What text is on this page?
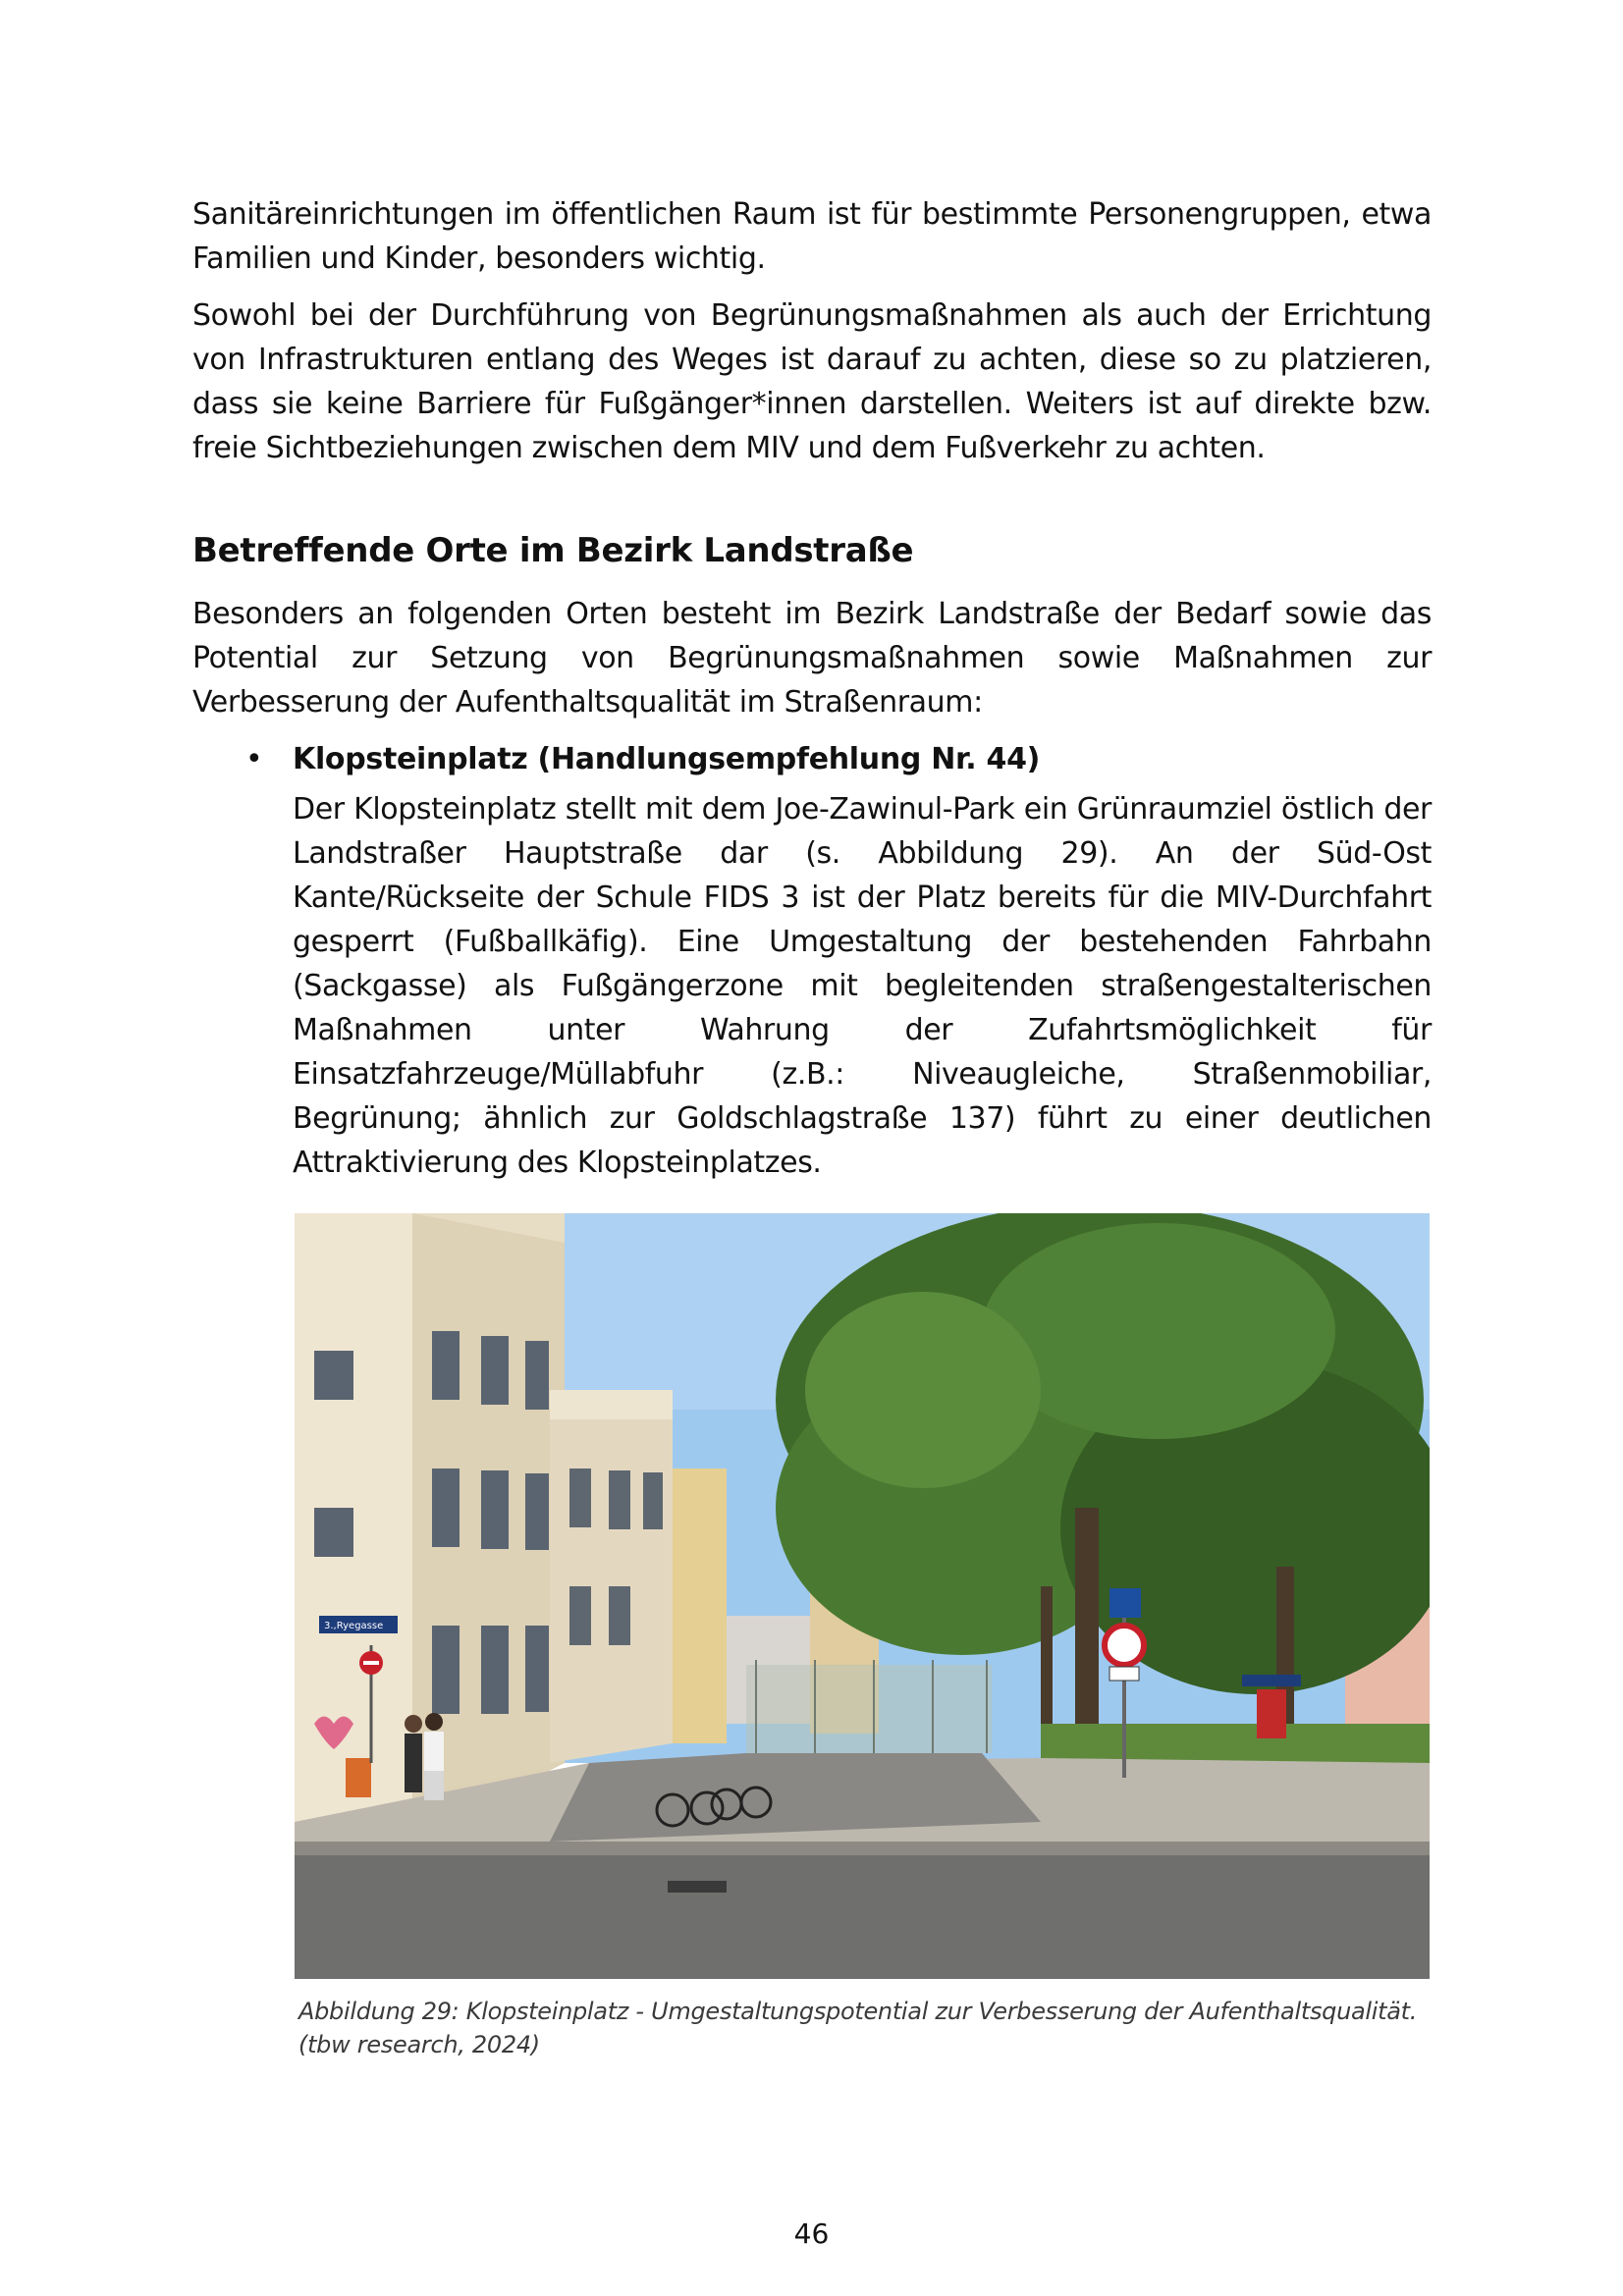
Sanitäreinrichtungen im öffentlichen Raum ist für bestimmte Personengruppen, etwa Familien und Kinder, besonders wichtig.

Sowohl bei der Durchführung von Begrünungsmaßnahmen als auch der Errichtung von Infrastrukturen entlang des Weges ist darauf zu achten, diese so zu platzieren, dass sie keine Barriere für Fußgänger*innen darstellen. Weiters ist auf direkte bzw. freie Sichtbeziehungen zwischen dem MIV und dem Fußverkehr zu achten.

Betreffende Orte im Bezirk Landstraße

Besonders an folgenden Orten besteht im Bezirk Landstraße der Bedarf sowie das Potential zur Setzung von Begrünungsmaßnahmen sowie Maßnahmen zur Verbesserung der Aufenthaltsqualität im Straßenraum:

• Klopsteinplatz (Handlungsempfehlung Nr. 44)

Der Klopsteinplatz stellt mit dem Joe-Zawinul-Park ein Grünraumziel östlich der Landstraßer Hauptstraße dar (s. Abbildung 29). An der Süd-Ost Kante/Rückseite der Schule FIDS 3 ist der Platz bereits für die MIV-Durchfahrt gesperrt (Fußballkäfig). Eine Umgestaltung der bestehenden Fahrbahn (Sackgasse) als Fußgängerzone mit begleitenden straßengestalterischen Maßnahmen unter Wahrung der Zufahrtsmöglichkeit für Einsatzfahrzeuge/Müllabfuhr (z.B.: Niveaugleiche, Straßenmobiliar, Begrünung; ähnlich zur Goldschlagstraße 137) führt zu einer deutlichen Attraktivierung des Klopsteinplatzes.

3.,Ryegasse
Abbildung 29: Klopsteinplatz - Umgestaltungspotential zur Verbesserung der Aufenthaltsqualität. (tbw research, 2024)
46
